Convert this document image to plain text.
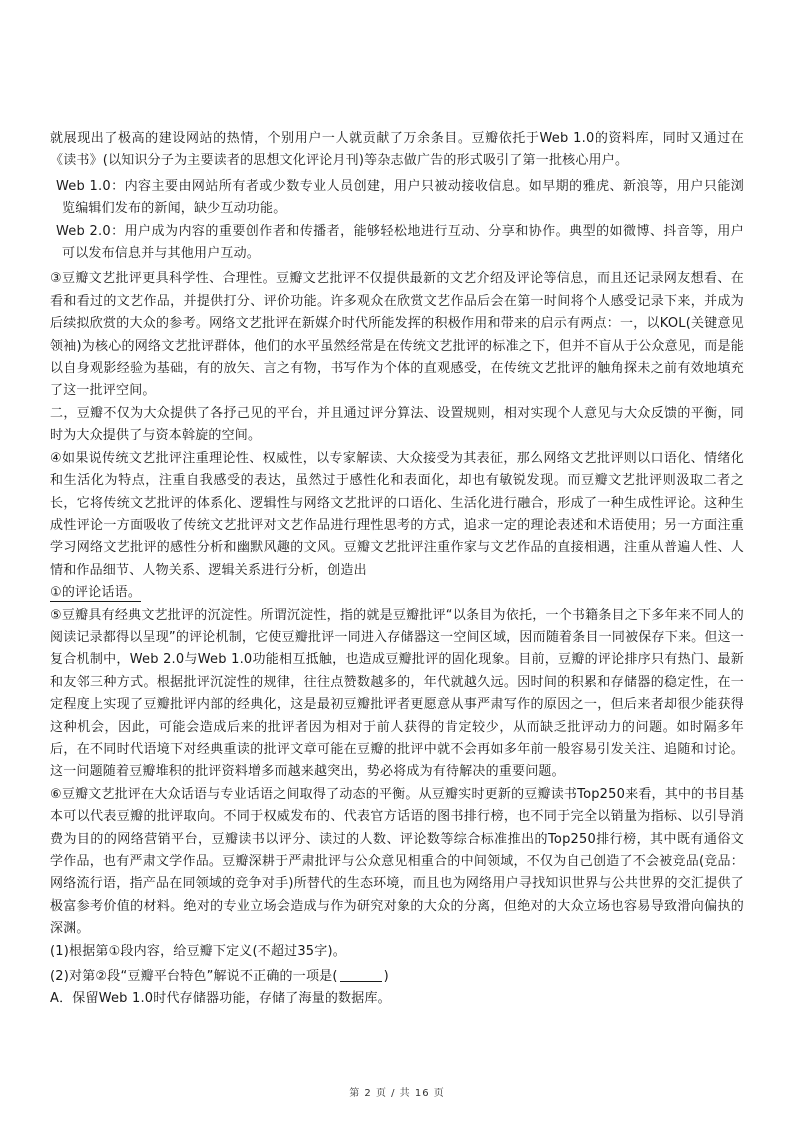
就展现出了极高的建设网站的热情，个别用户一人就贡献了万余条目。豆瓣依托于Web 1.0的资料库，同时又通过在《读书》(以知识分子为主要读者的思想文化评论月刊)等杂志做广告的形式吸引了第一批核心用户。

Web 1.0：内容主要由网站所有者或少数专业人员创建，用户只被动接收信息。如早期的雅虎、新浪等，用户只能浏览编辑们发布的新闻，缺少互动功能。

Web 2.0：用户成为内容的重要创作者和传播者，能够轻松地进行互动、分享和协作。典型的如微博、抖音等，用户可以发布信息并与其他用户互动。

③豆瓣文艺批评更具科学性、合理性。豆瓣文艺批评不仅提供最新的文艺介绍及评论等信息，而且还记录网友想看、在看和看过的文艺作品，并提供打分、评价功能。许多观众在欣赏文艺作品后会在第一时间将个人感受记录下来，并成为后续拟欣赏的大众的参考。网络文艺批评在新媒介时代所能发挥的积极作用和带来的启示有两点：一，以KOL(关键意见领袖)为核心的网络文艺批评群体，他们的水平虽然经常是在传统文艺批评的标准之下，但并不盲从于公众意见，而是能以自身观影经验为基础，有的放矢、言之有物，书写作为个体的直观感受，在传统文艺批评的触角探未之前有效地填充了这一批评空间。

二，豆瓣不仅为大众提供了各抒己见的平台，并且通过评分算法、设置规则，相对实现个人意见与大众反馈的平衡，同时为大众提供了与资本斡旋的空间。

④如果说传统文艺批评注重理论性、权威性，以专家解读、大众接受为其表征，那么网络文艺批评则以口语化、情绪化和生活化为特点，注重自我感受的表达，虽然过于感性化和表面化，却也有敏锐发现。而豆瓣文艺批评则汲取二者之长，它将传统文艺批评的体系化、逻辑性与网络文艺批评的口语化、生活化进行融合，形成了一种生成性评论。这种生成性评论一方面吸收了传统文艺批评对文艺作品进行理性思考的方式，追求一定的理论表述和术语使用；另一方面注重学习网络文艺批评的感性分析和幽默风趣的文风。豆瓣文艺批评注重作家与文艺作品的直接相遇，注重从普遍人性、人情和作品细节、人物关系、逻辑关系进行分析，创造出

①的评论话语。

⑤豆瓣具有经典文艺批评的沉淀性。所谓沉淀性，指的就是豆瓣批评“以条目为依托，一个书籍条目之下多年来不同人的阅读记录都得以呈现”的评论机制，它使豆瓣批评一同进入存储器这一空间区域，因而随着条目一同被保存下来。但这一复合机制中，Web 2.0与Web 1.0功能相互抵触，也造成豆瓣批评的固化现象。目前，豆瓣的评论排序只有热门、最新和友邻三种方式。根据批评沉淀性的规律，往往点赞数越多的，年代就越久远。因时间的积累和存储器的稳定性，在一定程度上实现了豆瓣批评内部的经典化，这是最初豆瓣批评者更愿意从事严肃写作的原因之一，但后来者却很少能获得这种机会，因此，可能会造成后来的批评者因为相对于前人获得的肯定较少，从而缺乏批评动力的问题。如时隔多年后，在不同时代语境下对经典重读的批评文章可能在豆瓣的批评中就不会再如多年前一般容易引发关注、追随和讨论。这一问题随着豆瓣堆积的批评资料增多而越来越突出，势必将成为有待解决的重要问题。

⑥豆瓣文艺批评在大众话语与专业话语之间取得了动态的平衡。从豆瓣实时更新的豆瓣读书Top250来看，其中的书目基本可以代表豆瓣的批评取向。不同于权威发布的、代表官方话语的图书排行榜，也不同于完全以销量为指标、以引导消费为目的的网络营销平台，豆瓣读书以评分、读过的人数、评论数等综合标准推出的Top250排行榜，其中既有通俗文学作品，也有严肃文学作品。豆瓣深耕于严肃批评与公众意见相重合的中间领域，不仅为自己创造了不会被竞品(竞品：网络流行语，指产品在同领域的竞争对手)所替代的生态环境，而且也为网络用户寻找知识世界与公共世界的交汇提供了极富参考价值的材料。绝对的专业立场会造成与作为研究对象的大众的分离，但绝对的大众立场也容易导致滑向偏执的深渊。

(1)根据第①段内容，给豆瓣下定义(不超过35字)。

(2)对第②段“豆瓣平台特色”解说不正确的一项是(	)

A．保留Web 1.0时代存储器功能，存储了海量的数据库。

第 2 页 / 共 16 页
